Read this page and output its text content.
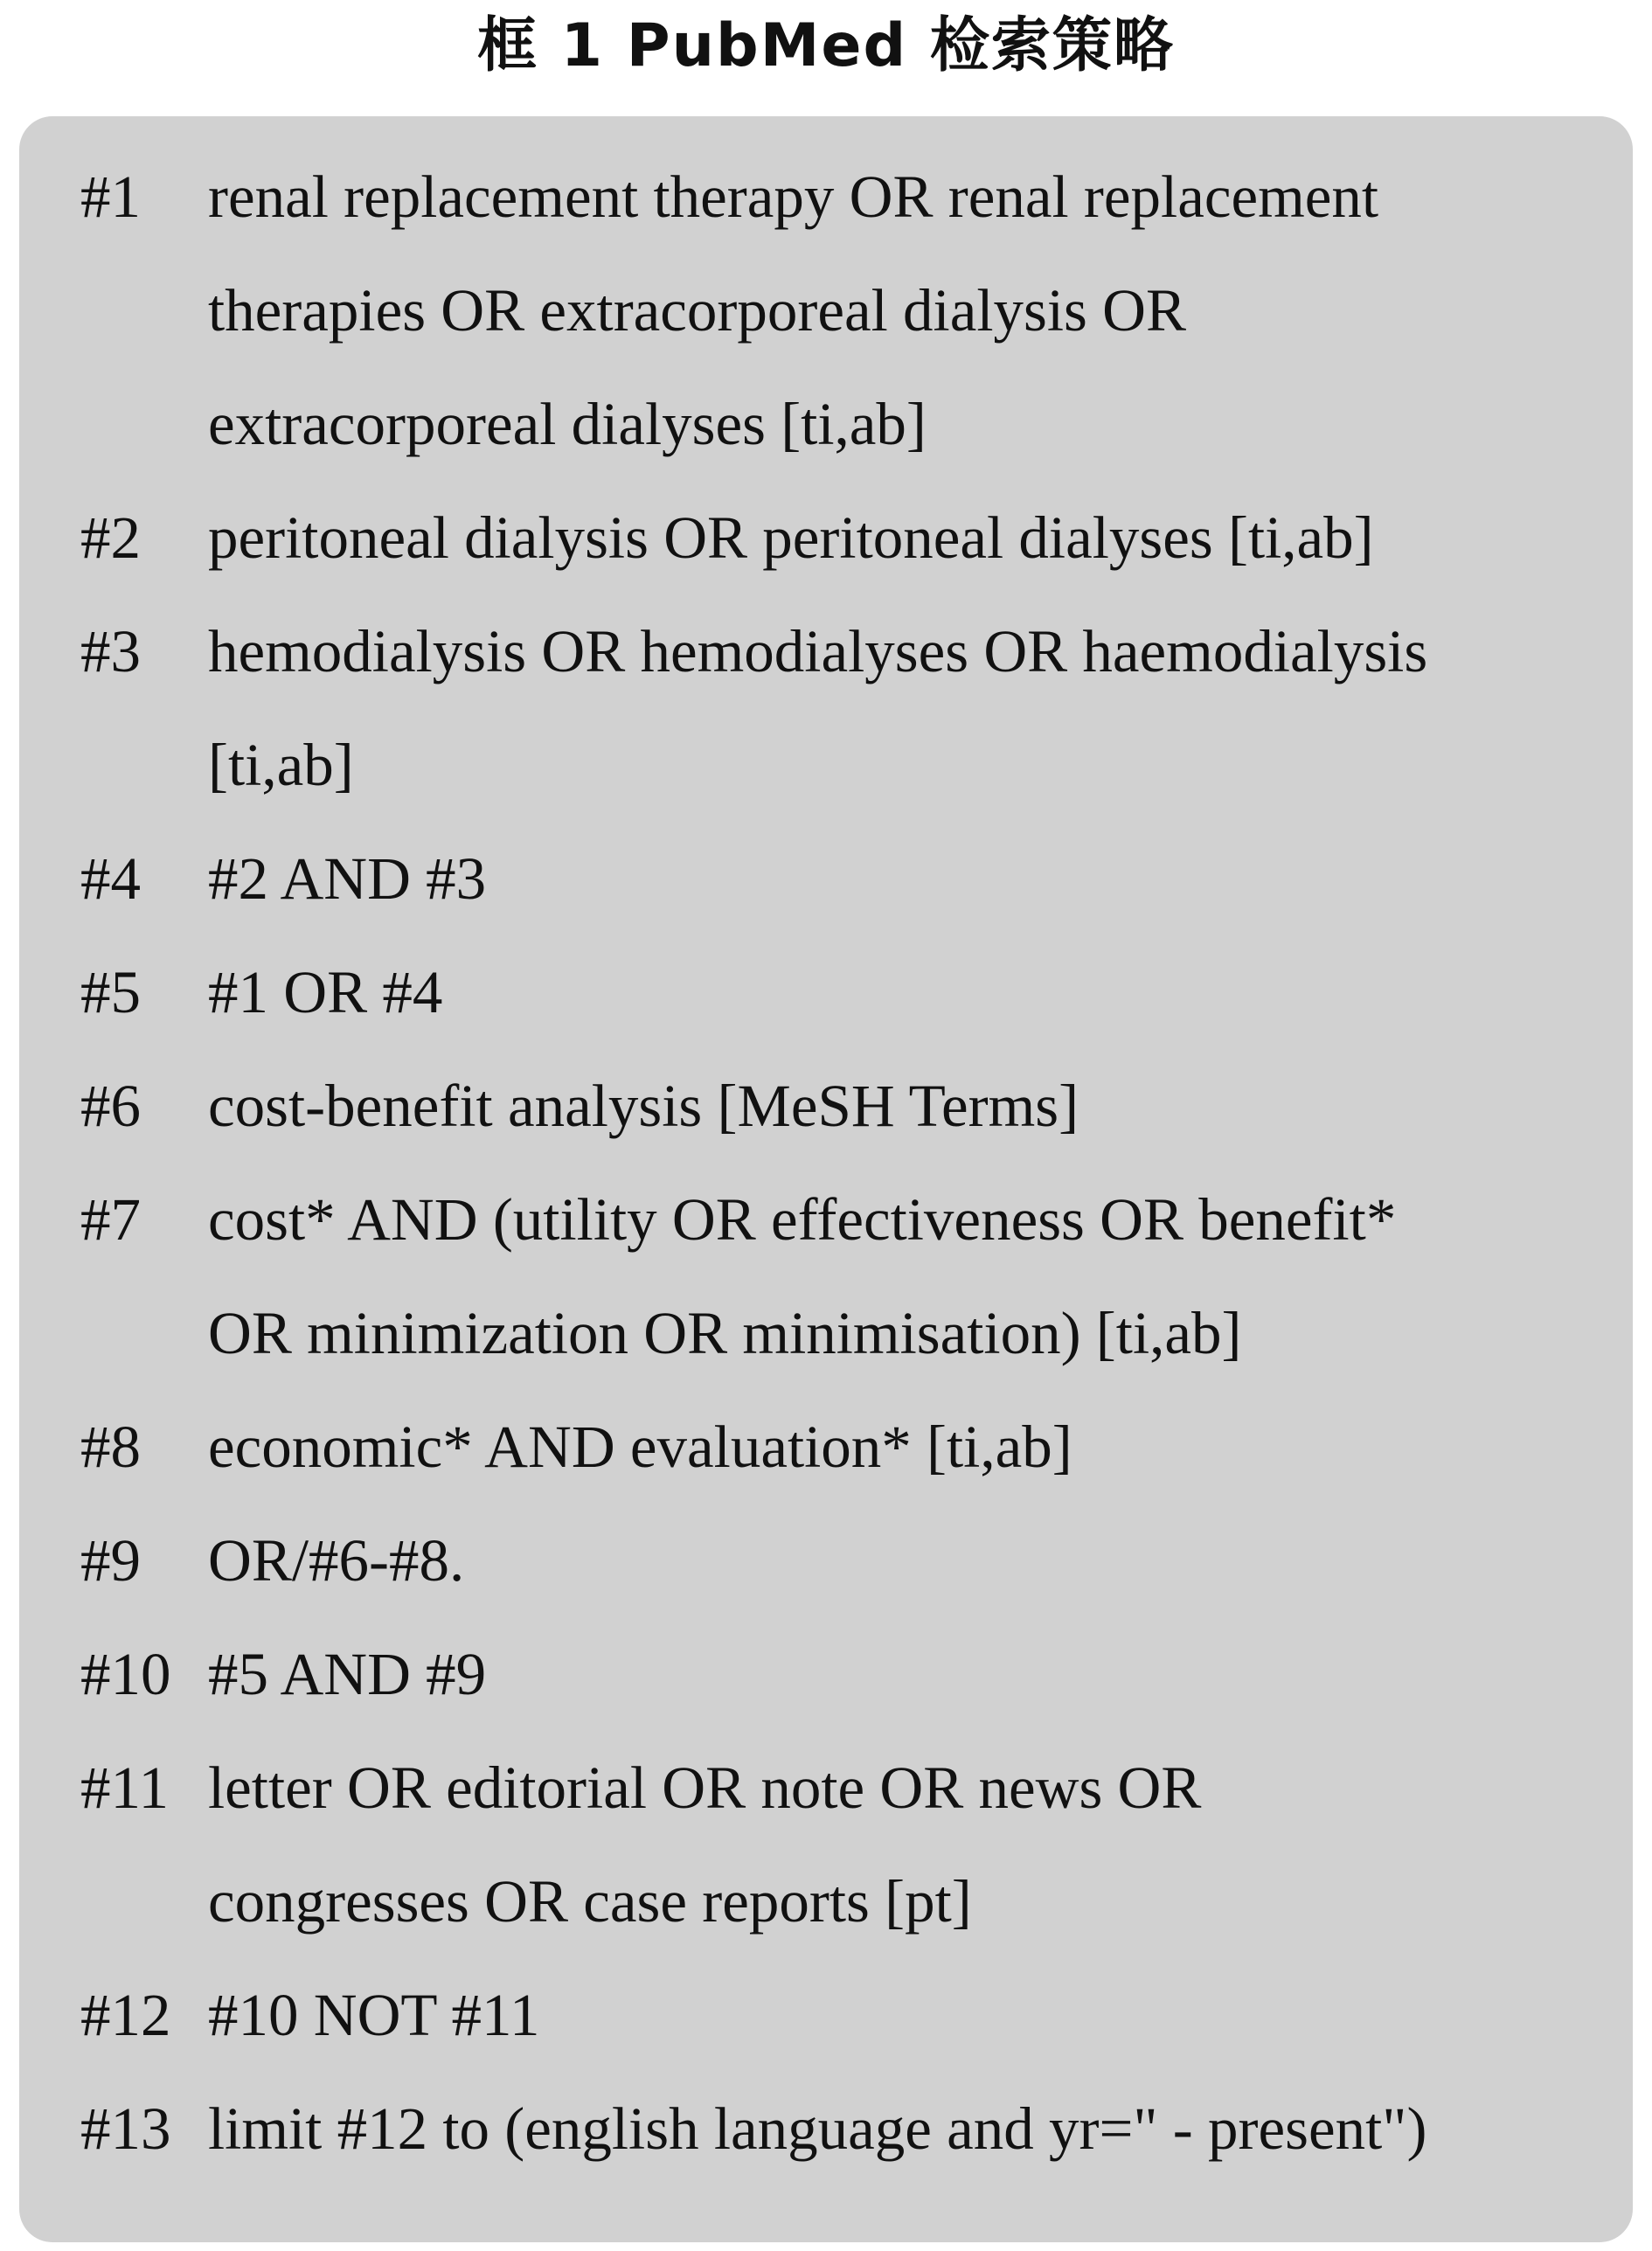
框 1 PubMed 检索策略
#1	renal replacement therapy OR renal replacement
therapies OR extracorporeal dialysis OR
extracorporeal dialyses [ti,ab]
#2	peritoneal dialysis OR peritoneal dialyses [ti,ab]
#3	hemodialysis OR hemodialyses OR haemodialysis
[ti,ab]
#4	#2 AND #3
#5	#1 OR #4
#6	cost-benefit analysis [MeSH Terms]
#7	cost* AND (utility OR effectiveness OR benefit*
OR minimization OR minimisation) [ti,ab]
#8	economic* AND evaluation* [ti,ab]
#9	OR/#6-#8.
#10 #5 AND #9
#11 letter OR editorial OR note OR news OR
congresses OR case reports [pt]
#12 #10 NOT #11
#13 limit #12 to (english language and yr=" - present")
